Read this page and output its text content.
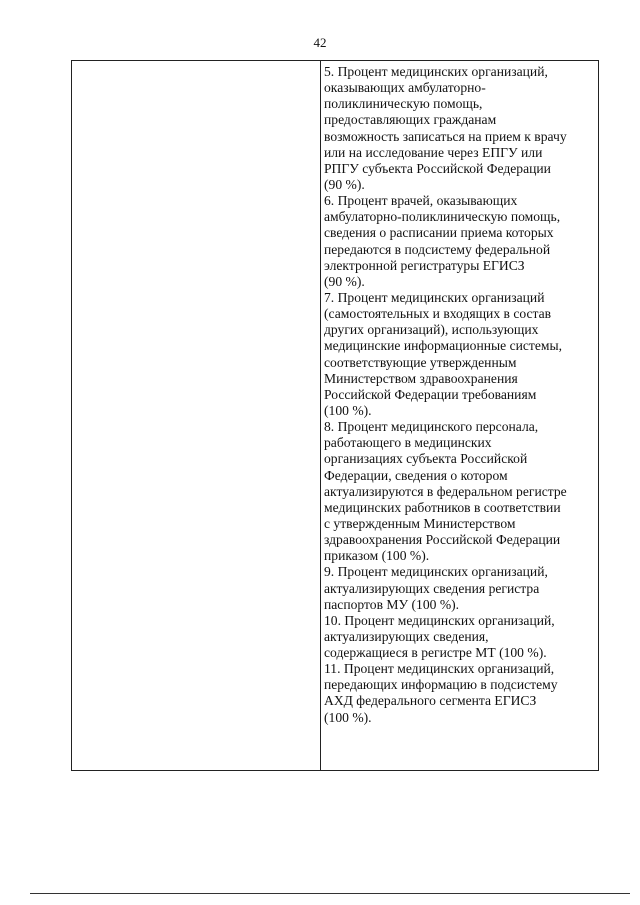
42
5. Процент медицинских организаций,
оказывающих амбулаторно-
поликлиническую помощь,
предоставляющих гражданам
возможность записаться на прием к врачу
или на исследование через ЕПГУ или
РПГУ субъекта Российской Федерации
(90 %).
6. Процент врачей, оказывающих
амбулаторно-поликлиническую помощь,
сведения о расписании приема которых
передаются в подсистему федеральной
электронной регистратуры ЕГИСЗ
(90 %).
7. Процент медицинских организаций
(самостоятельных и входящих в состав
других организаций), использующих
медицинские информационные системы,
соответствующие утвержденным
Министерством здравоохранения
Российской Федерации требованиям
(100 %).
8. Процент медицинского персонала,
работающего в медицинских
организациях субъекта Российской
Федерации, сведения о котором
актуализируются в федеральном регистре
медицинских работников в соответствии
с утвержденным Министерством
здравоохранения Российской Федерации
приказом (100 %).
9. Процент медицинских организаций,
актуализирующих сведения регистра
паспортов МУ (100 %).
10. Процент медицинских организаций,
актуализирующих сведения,
содержащиеся в регистре МТ (100 %).
11. Процент медицинских организаций,
передающих информацию в подсистему
АХД федерального сегмента ЕГИСЗ
(100 %).
